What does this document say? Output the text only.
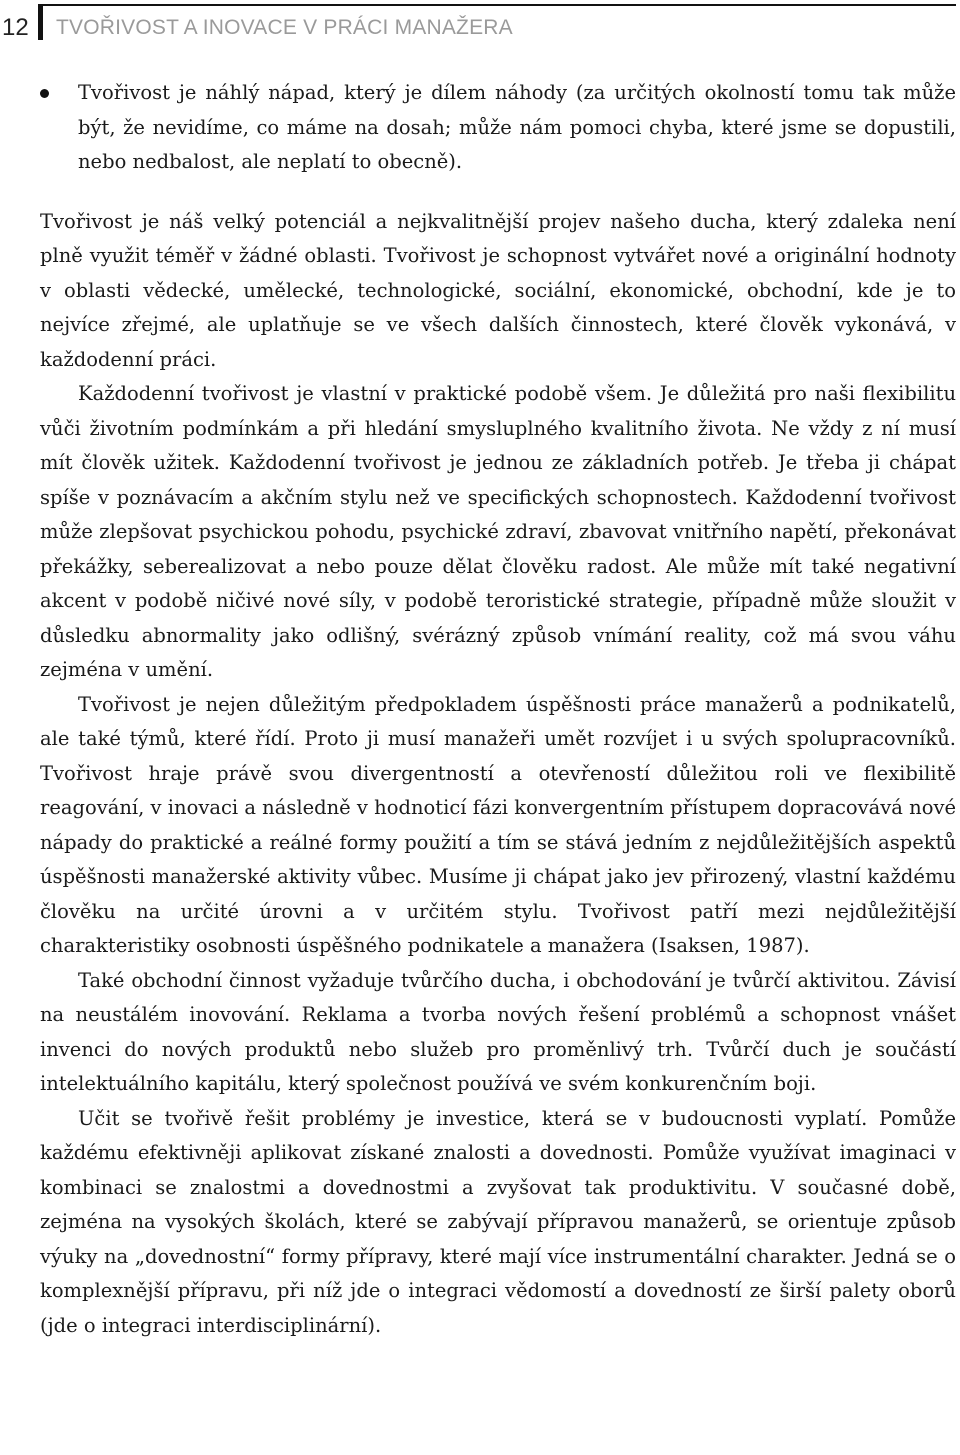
12 TVOŘIVOST A INOVACE V PRÁCI MANAŽERA

Tvořivost je náhlý nápad, který je dílem náhody (za určitých okolností tomu tak může být, že nevidíme, co máme na dosah; může nám pomoci chyba, které jsme se dopustili, nebo nedbalost, ale neplatí to obecně).

Tvořivost je náš velký potenciál a nejkvalitnější projev našeho ducha, který zdaleka není plně využit téměř v žádné oblasti. Tvořivost je schopnost vytvářet nové a originální hodnoty v oblasti vědecké, umělecké, technologické, sociální, ekonomické, obchodní, kde je to nejvíce zřejmé, ale uplatňuje se ve všech dalších činnostech, které člověk vykonává, v každodenní práci.

Každodenní tvořivost je vlastní v praktické podobě všem. Je důležitá pro naši flexibilitu vůči životním podmínkám a při hledání smysluplného kvalitního života. Ne vždy z ní musí mít člověk užitek. Každodenní tvořivost je jednou ze základních potřeb. Je třeba ji chápat spíše v poznávacím a akčním stylu než ve specifických schopnostech. Každodenní tvořivost může zlepšovat psychickou pohodu, psychické zdraví, zbavovat vnitřního napětí, překonávat překážky, seberealizovat a nebo pouze dělat člověku radost. Ale může mít také negativní akcent v podobě ničivé nové síly, v podobě teroristické strategie, případně může sloužit v důsledku abnormality jako odlišný, svérázný způsob vnímání reality, což má svou váhu zejména v umění.

Tvořivost je nejen důležitým předpokladem úspěšnosti práce manažerů a podnikatelů, ale také týmů, které řídí. Proto ji musí manažeři umět rozvíjet i u svých spolupracovníků. Tvořivost hraje právě svou divergentností a otevřeností důležitou roli ve flexibilitě reagování, v inovaci a následně v hodnoticí fázi konvergentním přístupem dopracovává nové nápady do praktické a reálné formy použití a tím se stává jedním z nejdůležitějších aspektů úspěšnosti manažerské aktivity vůbec. Musíme ji chápat jako jev přirozený, vlastní každému člověku na určité úrovni a v určitém stylu. Tvořivost patří mezi nejdůležitější charakteristiky osobnosti úspěšného podnikatele a manažera (Isaksen, 1987).

Také obchodní činnost vyžaduje tvůrčího ducha, i obchodování je tvůrčí aktivitou. Závisí na neustálém inovování. Reklama a tvorba nových řešení problémů a schopnost vnášet invenci do nových produktů nebo služeb pro proměnlivý trh. Tvůrčí duch je součástí intelektuálního kapitálu, který společnost používá ve svém konkurenčním boji.

Učit se tvořivě řešit problémy je investice, která se v budoucnosti vyplatí. Pomůže každému efektivněji aplikovat získané znalosti a dovednosti. Pomůže využívat imaginaci v kombinaci se znalostmi a dovednostmi a zvyšovat tak produktivitu. V současné době, zejména na vysokých školách, které se zabývají přípravou manažerů, se orientuje způsob výuky na „dovednostní“ formy přípravy, které mají více instrumentální charakter. Jedná se o komplexnější přípravu, při níž jde o integraci vědomostí a dovedností ze širší palety oborů (jde o integraci interdisciplinární).
